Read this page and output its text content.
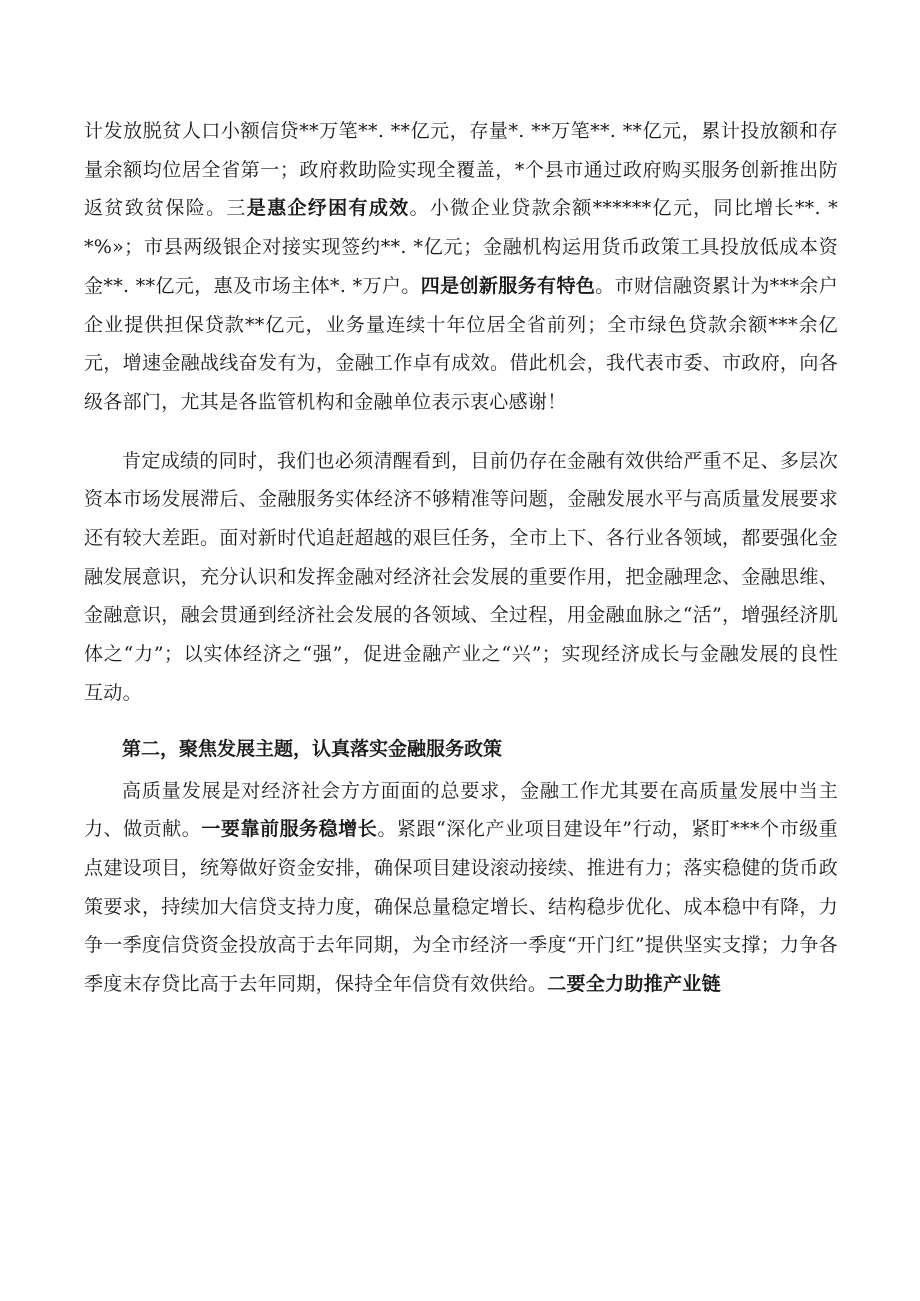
计发放脱贫人口小额信贷**万笔**. **亿元，存量*. **万笔**. **亿元，累计投放额和存量余额均位居全省第一；政府救助险实现全覆盖，*个县市通过政府购买服务创新推出防返贫致贫保险。三是惠企纾困有成效。小微企业贷款余额******亿元，同比增长**. **%»；市县两级银企对接实现签约**. *亿元；金融机构运用货币政策工具投放低成本资金**. **亿元，惠及市场主体*. *万户。四是创新服务有特色。市财信融资累计为***余户企业提供担保贷款**亿元，业务量连续十年位居全省前列；全市绿色贷款余额***余亿元，增速金融战线奋发有为，金融工作卓有成效。借此机会，我代表市委、市政府，向各级各部门，尤其是各监管机构和金融单位表示衷心感谢！

肯定成绩的同时，我们也必须清醒看到，目前仍存在金融有效供给严重不足、多层次资本市场发展滞后、金融服务实体经济不够精准等问题，金融发展水平与高质量发展要求还有较大差距。面对新时代追赶超越的艰巨任务，全市上下、各行业各领域，都要强化金融发展意识，充分认识和发挥金融对经济社会发展的重要作用，把金融理念、金融思维、金融意识，融会贯通到经济社会发展的各领域、全过程，用金融血脉之“活”，增强经济肌体之“力”；以实体经济之“强”，促进金融产业之“兴”；实现经济成长与金融发展的良性互动。

第二，聚焦发展主题，认真落实金融服务政策

高质量发展是对经济社会方方面面的总要求，金融工作尤其要在高质量发展中当主力、做贡献。一要靠前服务稳增长。紧跟“深化产业项目建设年”行动，紧盯***个市级重点建设项目，统筹做好资金安排，确保项目建设滚动接续、推进有力；落实稳健的货币政策要求，持续加大信贷支持力度，确保总量稳定增长、结构稳步优化、成本稳中有降，力争一季度信贷资金投放高于去年同期，为全市经济一季度“开门红”提供坚实支撑；力争各季度末存贷比高于去年同期，保持全年信贷有效供给。二要全力助推产业链
